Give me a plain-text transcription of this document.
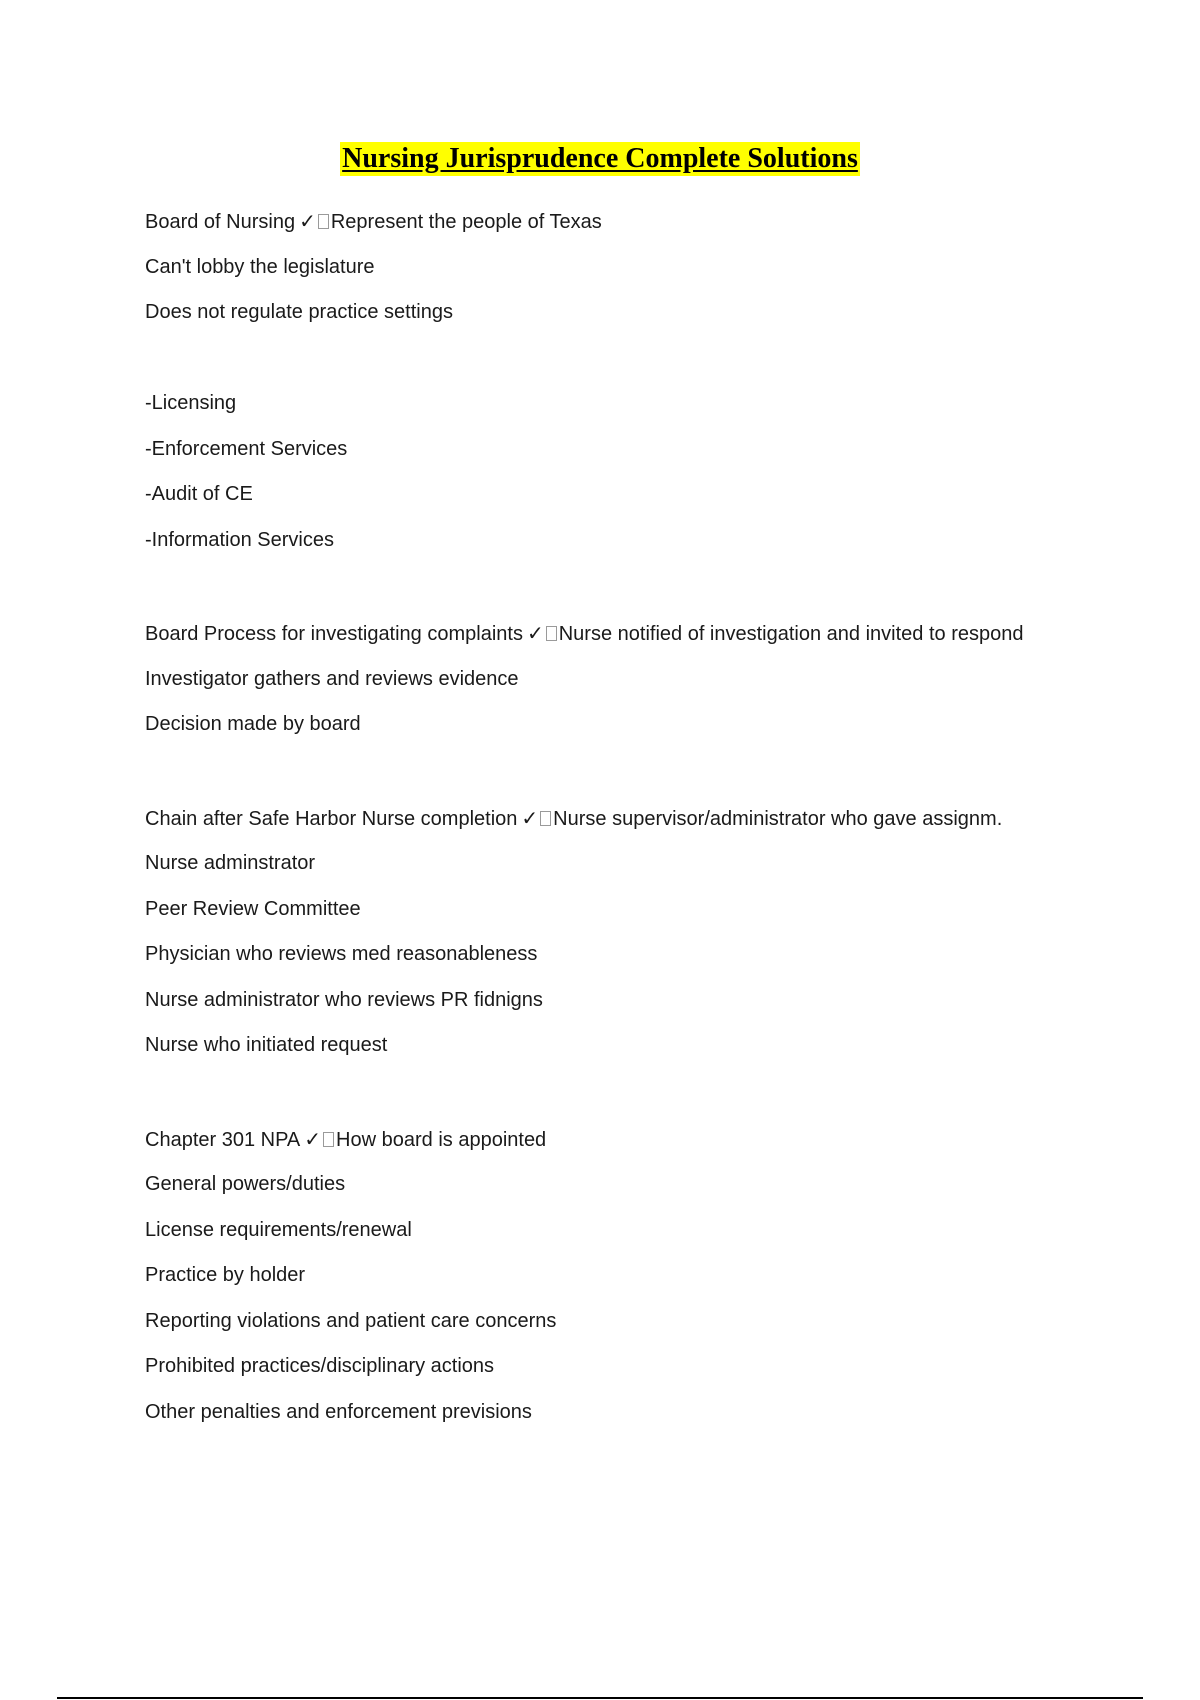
Nursing Jurisprudence Complete Solutions
Board of Nursing ✓ Represent the people of Texas
Can't lobby the legislature
Does not regulate practice settings
-Licensing
-Enforcement Services
-Audit of CE
-Information Services
Board Process for investigating complaints ✓ Nurse notified of investigation and invited to respond
Investigator gathers and reviews evidence
Decision made by board
Chain after Safe Harbor Nurse completion ✓ Nurse supervisor/administrator who gave assignm.
Nurse adminstrator
Peer Review Committee
Physician who reviews med reasonableness
Nurse administrator who reviews PR fidnigns
Nurse who initiated request
Chapter 301 NPA ✓ How board is appointed
General powers/duties
License requirements/renewal
Practice by holder
Reporting violations and patient care concerns
Prohibited practices/disciplinary actions
Other penalties and enforcement previsions
